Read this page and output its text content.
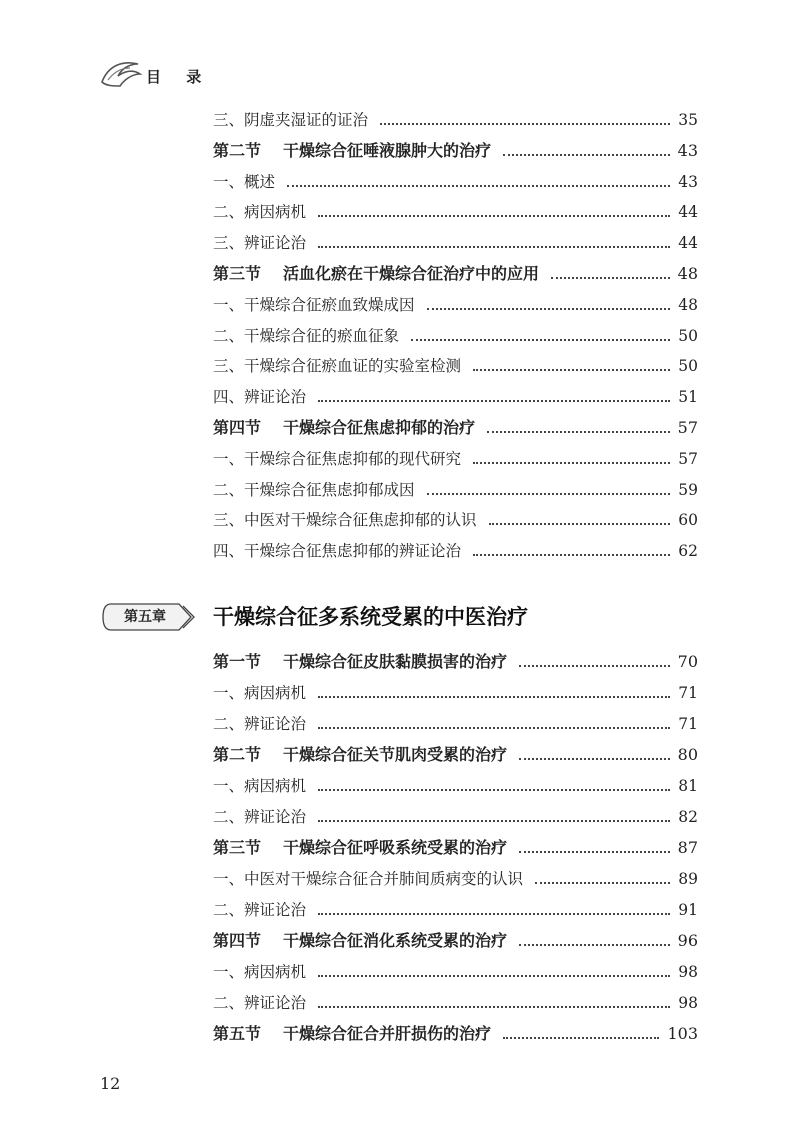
目 录
三、阴虚夹湿证的证治	35
第二节 干燥综合征唾液腺肿大的治疗	43
一、概述	43
二、病因病机	44
三、辨证论治	44
第三节 活血化瘀在干燥综合征治疗中的应用	48
一、干燥综合征瘀血致燥成因	48
二、干燥综合征的瘀血征象	50
三、干燥综合征瘀血证的实验室检测	50
四、辨证论治	51
第四节 干燥综合征焦虑抑郁的治疗	57
一、干燥综合征焦虑抑郁的现代研究	57
二、干燥综合征焦虑抑郁成因	59
三、中医对干燥综合征焦虑抑郁的认识	60
四、干燥综合征焦虑抑郁的辨证论治	62
第五章	干燥综合征多系统受累的中医治疗
第一节 干燥综合征皮肤黏膜损害的治疗	70
一、病因病机	71
二、辨证论治	71
第二节 干燥综合征关节肌肉受累的治疗	80
一、病因病机	81
二、辨证论治	82
第三节 干燥综合征呼吸系统受累的治疗	87
一、中医对干燥综合征合并肺间质病变的认识	89
二、辨证论治	91
第四节 干燥综合征消化系统受累的治疗	96
一、病因病机	98
二、辨证论治	98
第五节 干燥综合征合并肝损伤的治疗	103
12
